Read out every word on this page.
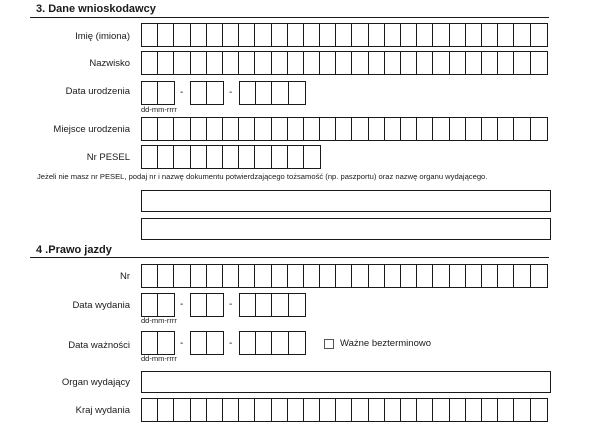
3. Dane wnioskodawcy
Imię (imiona)
Nazwisko
Data urodzenia	-	-
dd-mm-rrrr
Miejsce urodzenia
Nr PESEL
Jeżeli nie masz nr PESEL, podaj nr i nazwę dokumentu potwierdzającego tożsamość (np. paszportu) oraz nazwę organu wydającego.
4 .Prawo jazdy
Nr
Data wydania	-	-
dd-mm-rrrr
Data ważności	-	-
dd-mm-rrrr
Ważne bezterminowo
Organ wydający
Kraj wydania
